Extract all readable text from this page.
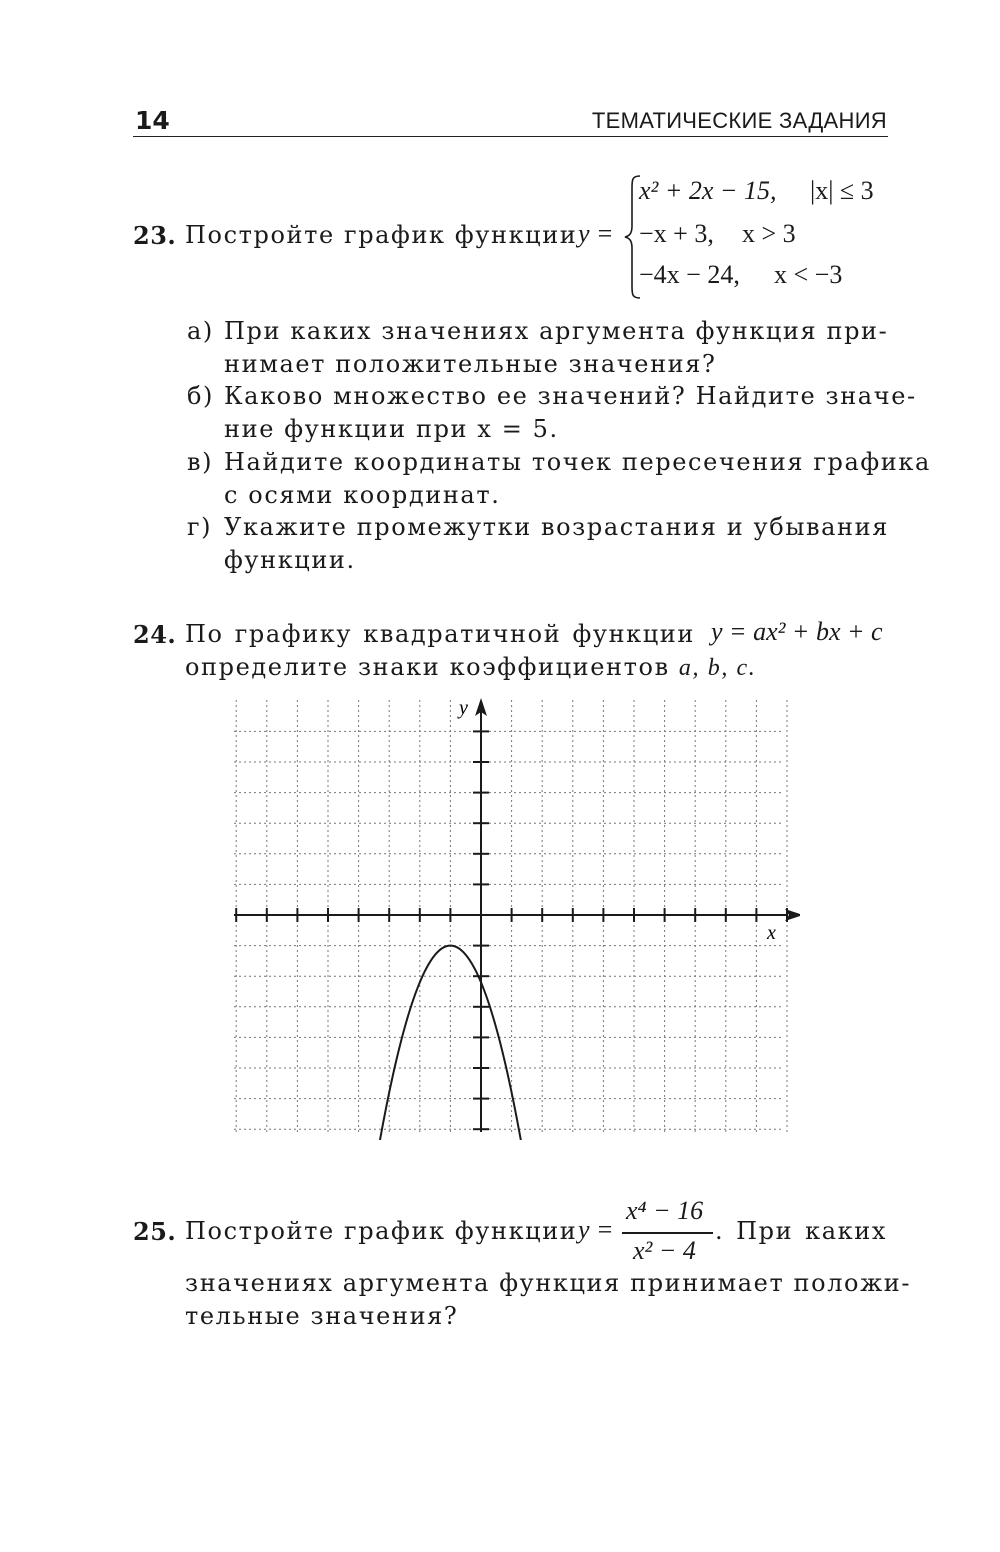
14	ТЕМАТИЧЕСКИЕ ЗАДАНИЯ
23. Постройте график функции y =
x² + 2x − 15, |x| ≤ 3
−x + 3, x > 3
−4x − 24, x < −3
а) При каких значениях аргумента функция при-
нимает положительные значения?
б) Каково множество ее значений? Найдите значе-
ние функции при x = 5.
в) Найдите координаты точек пересечения графика
с осями координат.
г) Укажите промежутки возрастания и убывания
функции.
24. По графику квадратичной функции y = ax² + bx + c
определите знаки коэффициентов a, b, c.
x
y
25. Постройте график функции y =
x⁴ − 16
x² − 4
. При каких
значениях аргумента функция принимает положи-
тельные значения?
